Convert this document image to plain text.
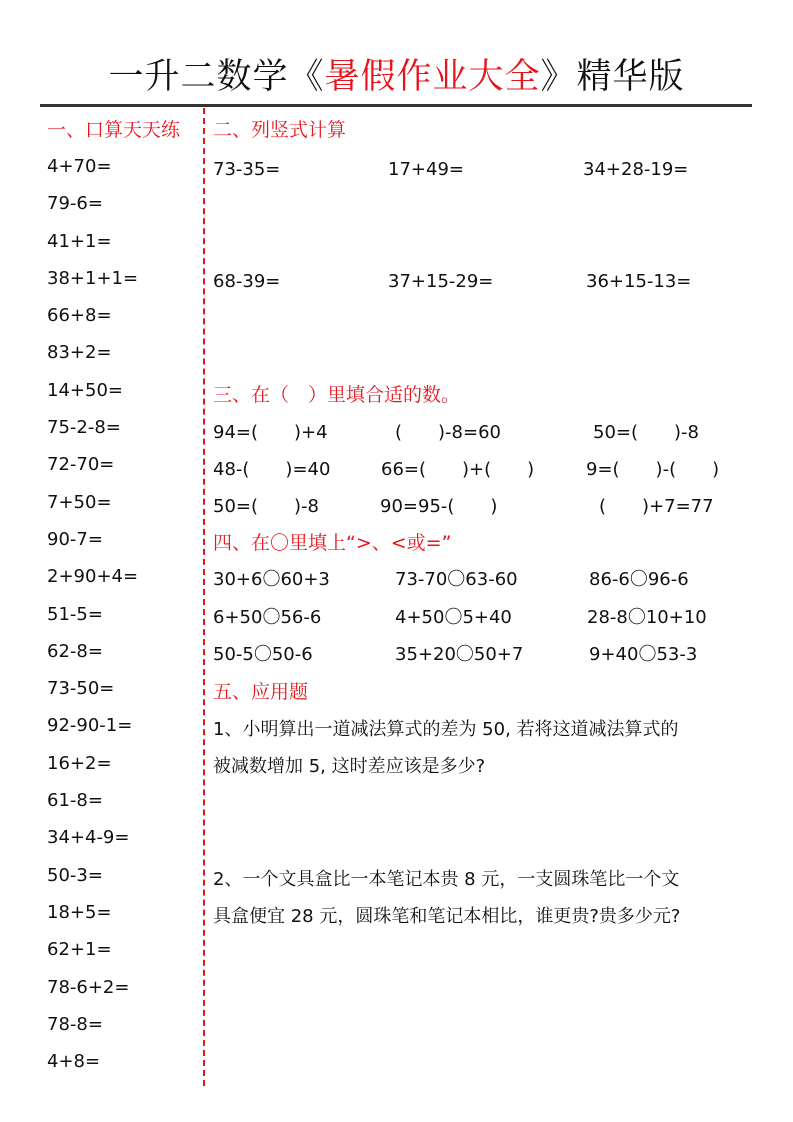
一升二数学《暑假作业大全》精华版
一、口算天天练
4+70=
79-6=
41+1=
38+1+1=
66+8=
83+2=
14+50=
75-2-8=
72-70=
7+50=
90-7=
2+90+4=
51-5=
62-8=
73-50=
92-90-1=
16+2=
61-8=
34+4-9=
50-3=
18+5=
62+1=
78-6+2=
78-8=
4+8=
二、列竖式计算
73-35=	17+49=	34+28-19=
68-39=	37+15-29=	36+15-13=
三、在（　）里填合适的数。
94=(　　)+4	(　　)-8=60	50=(　　)-8
48-(　　)=40	66=(　　)+(　　)	9=(　　)-(　　)
50=(　　)-8	90=95-(　　)	(　　)+7=77
四、在〇里填上“>、<或=”
30+6〇60+3	73-70〇63-60	86-6〇96-6
6+50〇56-6	4+50〇5+40	28-8〇10+10
50-5〇50-6	35+20〇50+7	9+40〇53-3
五、应用题
1、小明算出一道减法算式的差为 50, 若将这道减法算式的
被减数增加 5, 这时差应该是多少?
2、一个文具盒比一本笔记本贵 8 元，一支圆珠笔比一个文
具盒便宜 28 元，圆珠笔和笔记本相比，谁更贵?贵多少元?
